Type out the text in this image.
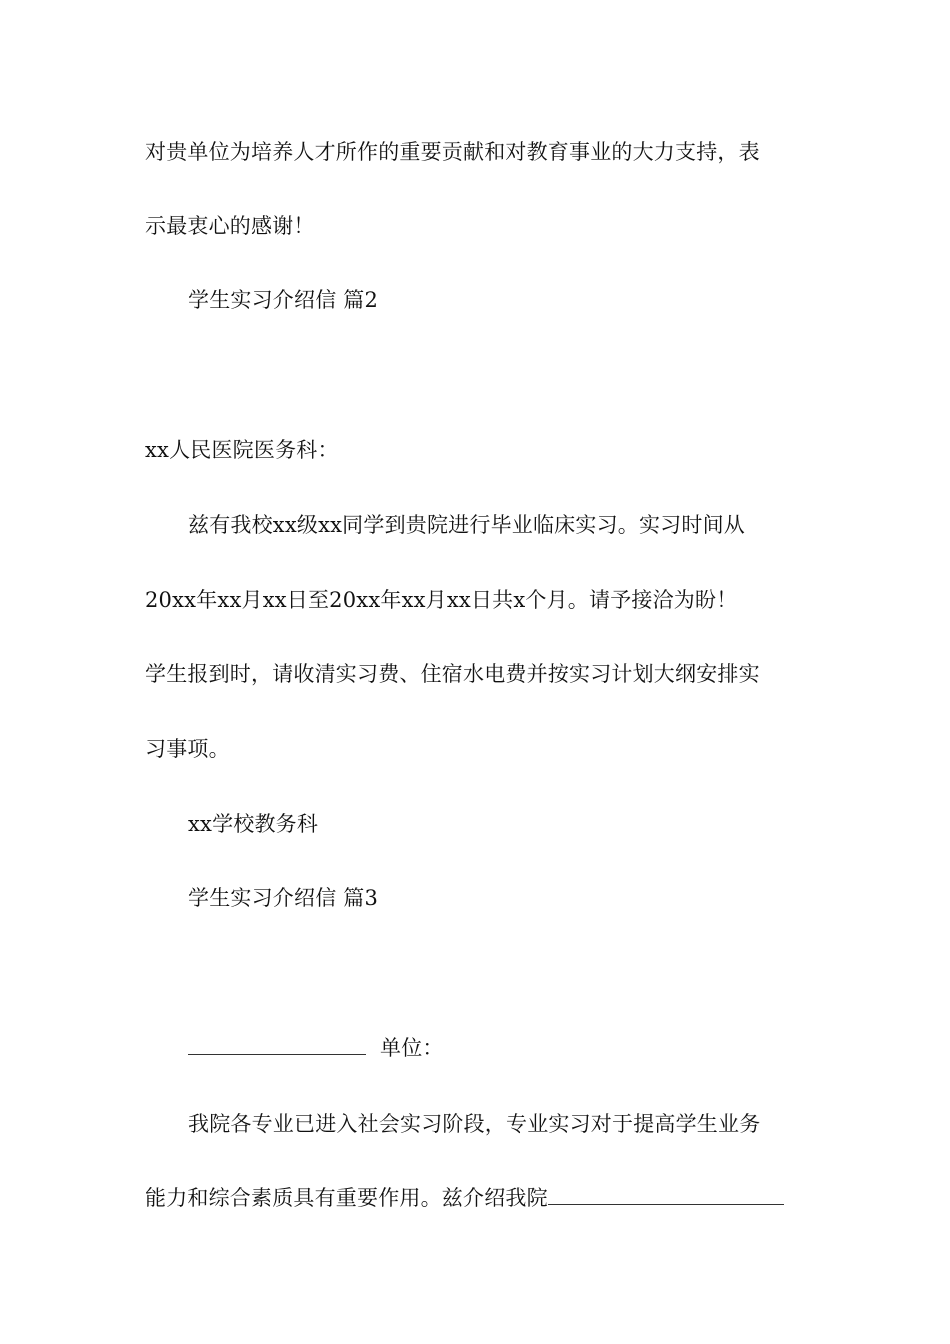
对贵单位为培养人才所作的重要贡献和对教育事业的大力支持，表
示最衷心的感谢！
学生实习介绍信 篇2
xx人民医院医务科：
兹有我校xx级xx同学到贵院进行毕业临床实习。实习时间从
20xx年xx月xx日至20xx年xx月xx日共x个月。请予接洽为盼！
学生报到时，请收清实习费、住宿水电费并按实习计划大纲安排实
习事项。
xx学校教务科
学生实习介绍信 篇3
单位：
我院各专业已进入社会实习阶段，专业实习对于提高学生业务
能力和综合素质具有重要作用。兹介绍我院
